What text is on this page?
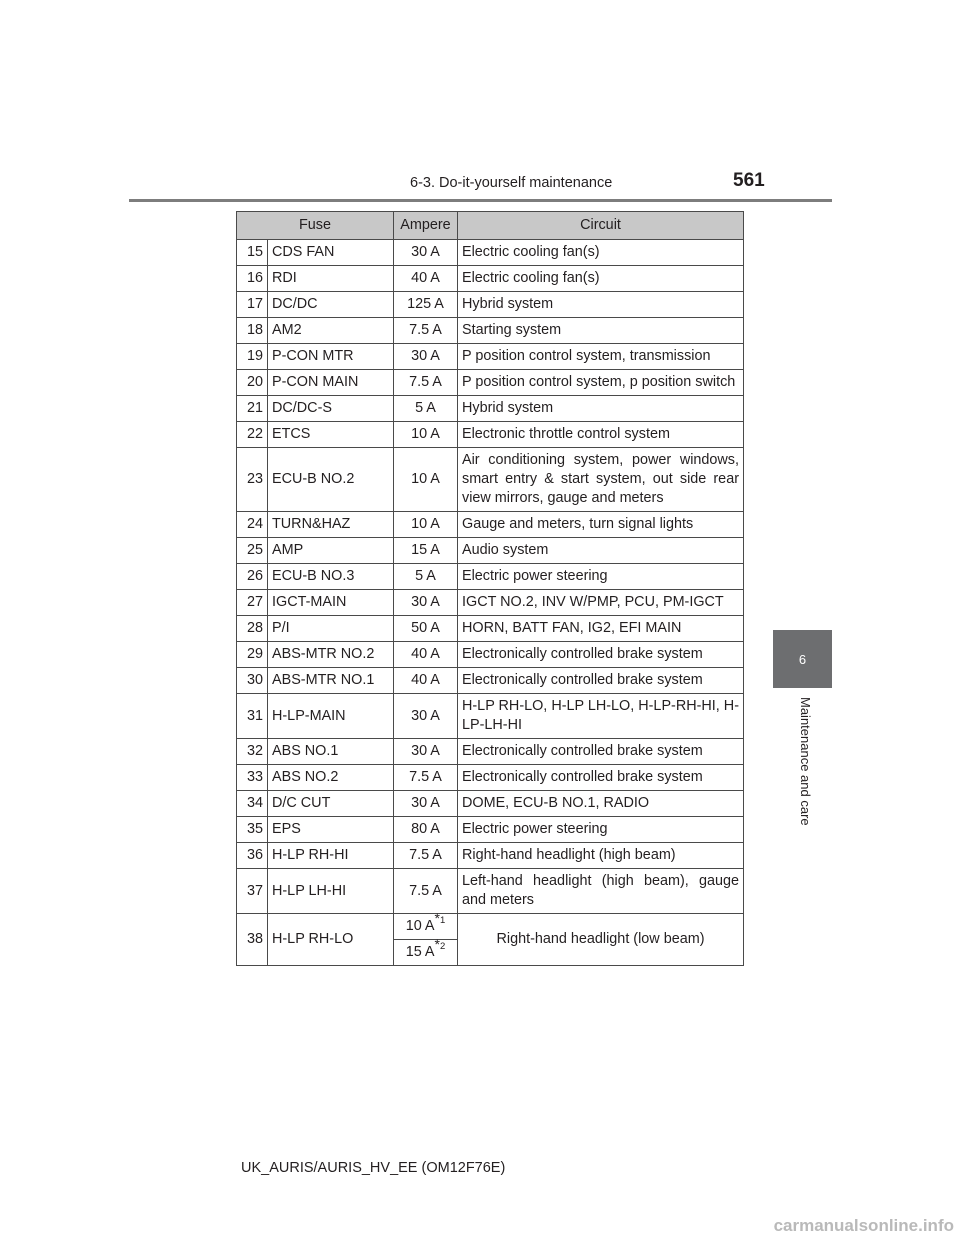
6-3. Do-it-yourself maintenance	561
6
Maintenance and care
Fuse		Ampere	Circuit
15	CDS FAN	30 A	Electric cooling fan(s)
16	RDI	40 A	Electric cooling fan(s)
17	DC/DC	125 A	Hybrid system
18	AM2	7.5 A	Starting system
19	P-CON MTR	30 A	P position control system, transmission
20	P-CON MAIN	7.5 A	P position control system, p position switch
21	DC/DC-S	5 A	Hybrid system
22	ETCS	10 A	Electronic throttle control system
23	ECU-B NO.2	10 A	Air conditioning system, power windows, smart entry & start system, out side rear view mirrors, gauge and meters
24	TURN&HAZ	10 A	Gauge and meters, turn signal lights
25	AMP	15 A	Audio system
26	ECU-B NO.3	5 A	Electric power steering
27	IGCT-MAIN	30 A	IGCT NO.2, INV W/PMP, PCU, PM-IGCT
28	P/I	50 A	HORN, BATT FAN, IG2, EFI MAIN
29	ABS-MTR NO.2	40 A	Electronically controlled brake system
30	ABS-MTR NO.1	40 A	Electronically controlled brake system
31	H-LP-MAIN	30 A	H-LP RH-LO, H-LP LH-LO, H-LP-RH-HI, H-LP-LH-HI
32	ABS NO.1	30 A	Electronically controlled brake system
33	ABS NO.2	7.5 A	Electronically controlled brake system
34	D/C CUT	30 A	DOME, ECU-B NO.1, RADIO
35	EPS	80 A	Electric power steering
36	H-LP RH-HI	7.5 A	Right-hand headlight (high beam)
37	H-LP LH-HI	7.5 A	Left-hand headlight (high beam), gauge and meters
38	H-LP RH-LO	10 A$^{*1}$	Right-hand headlight (low beam)
		15 A$^{*2}$
UK_AURIS/AURIS_HV_EE (OM12F76E)
carmanualsonline.info
